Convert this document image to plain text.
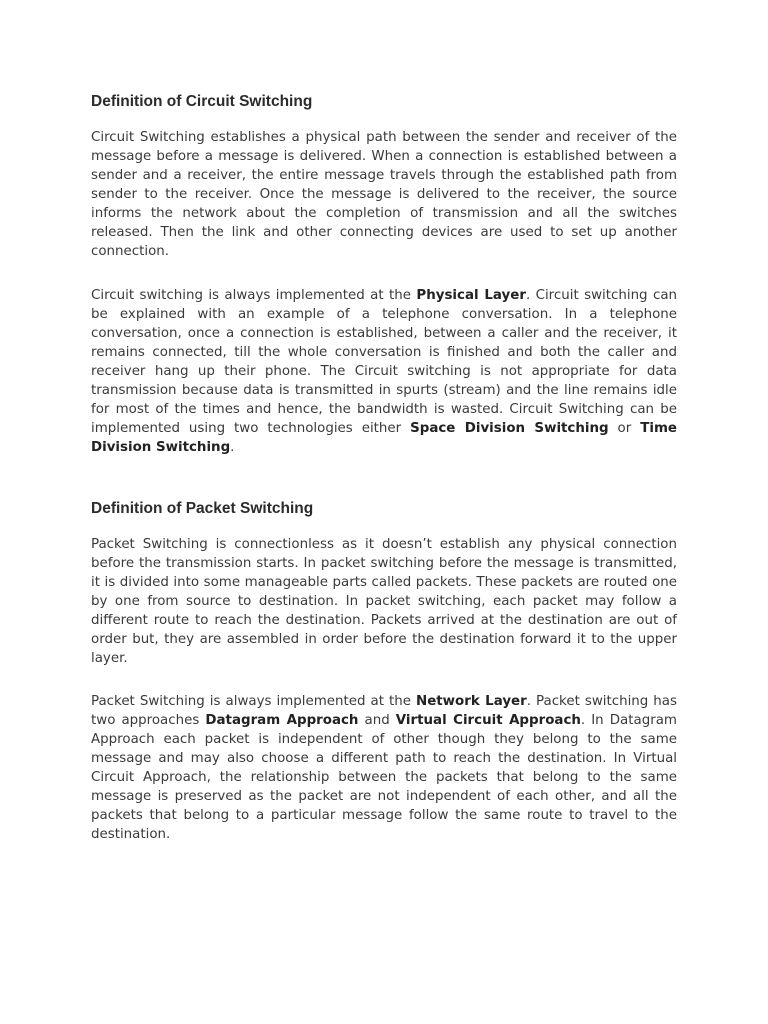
Definition of Circuit Switching

Circuit Switching establishes a physical path between the sender and receiver of the message before a message is delivered. When a connection is established between a sender and a receiver, the entire message travels through the established path from sender to the receiver. Once the message is delivered to the receiver, the source informs the network about the completion of transmission and all the switches released. Then the link and other connecting devices are used to set up another connection.

Circuit switching is always implemented at the Physical Layer. Circuit switching can be explained with an example of a telephone conversation. In a telephone conversation, once a connection is established, between a caller and the receiver, it remains connected, till the whole conversation is finished and both the caller and receiver hang up their phone. The Circuit switching is not appropriate for data transmission because data is transmitted in spurts (stream) and the line remains idle for most of the times and hence, the bandwidth is wasted. Circuit Switching can be implemented using two technologies either Space Division Switching or Time Division Switching.

Definition of Packet Switching

Packet Switching is connectionless as it doesn’t establish any physical connection before the transmission starts. In packet switching before the message is transmitted, it is divided into some manageable parts called packets. These packets are routed one by one from source to destination. In packet switching, each packet may follow a different route to reach the destination. Packets arrived at the destination are out of order but, they are assembled in order before the destination forward it to the upper layer.

Packet Switching is always implemented at the Network Layer. Packet switching has two approaches Datagram Approach and Virtual Circuit Approach. In Datagram Approach each packet is independent of other though they belong to the same message and may also choose a different path to reach the destination. In Virtual Circuit Approach, the relationship between the packets that belong to the same message is preserved as the packet are not independent of each other, and all the packets that belong to a particular message follow the same route to travel to the destination.
